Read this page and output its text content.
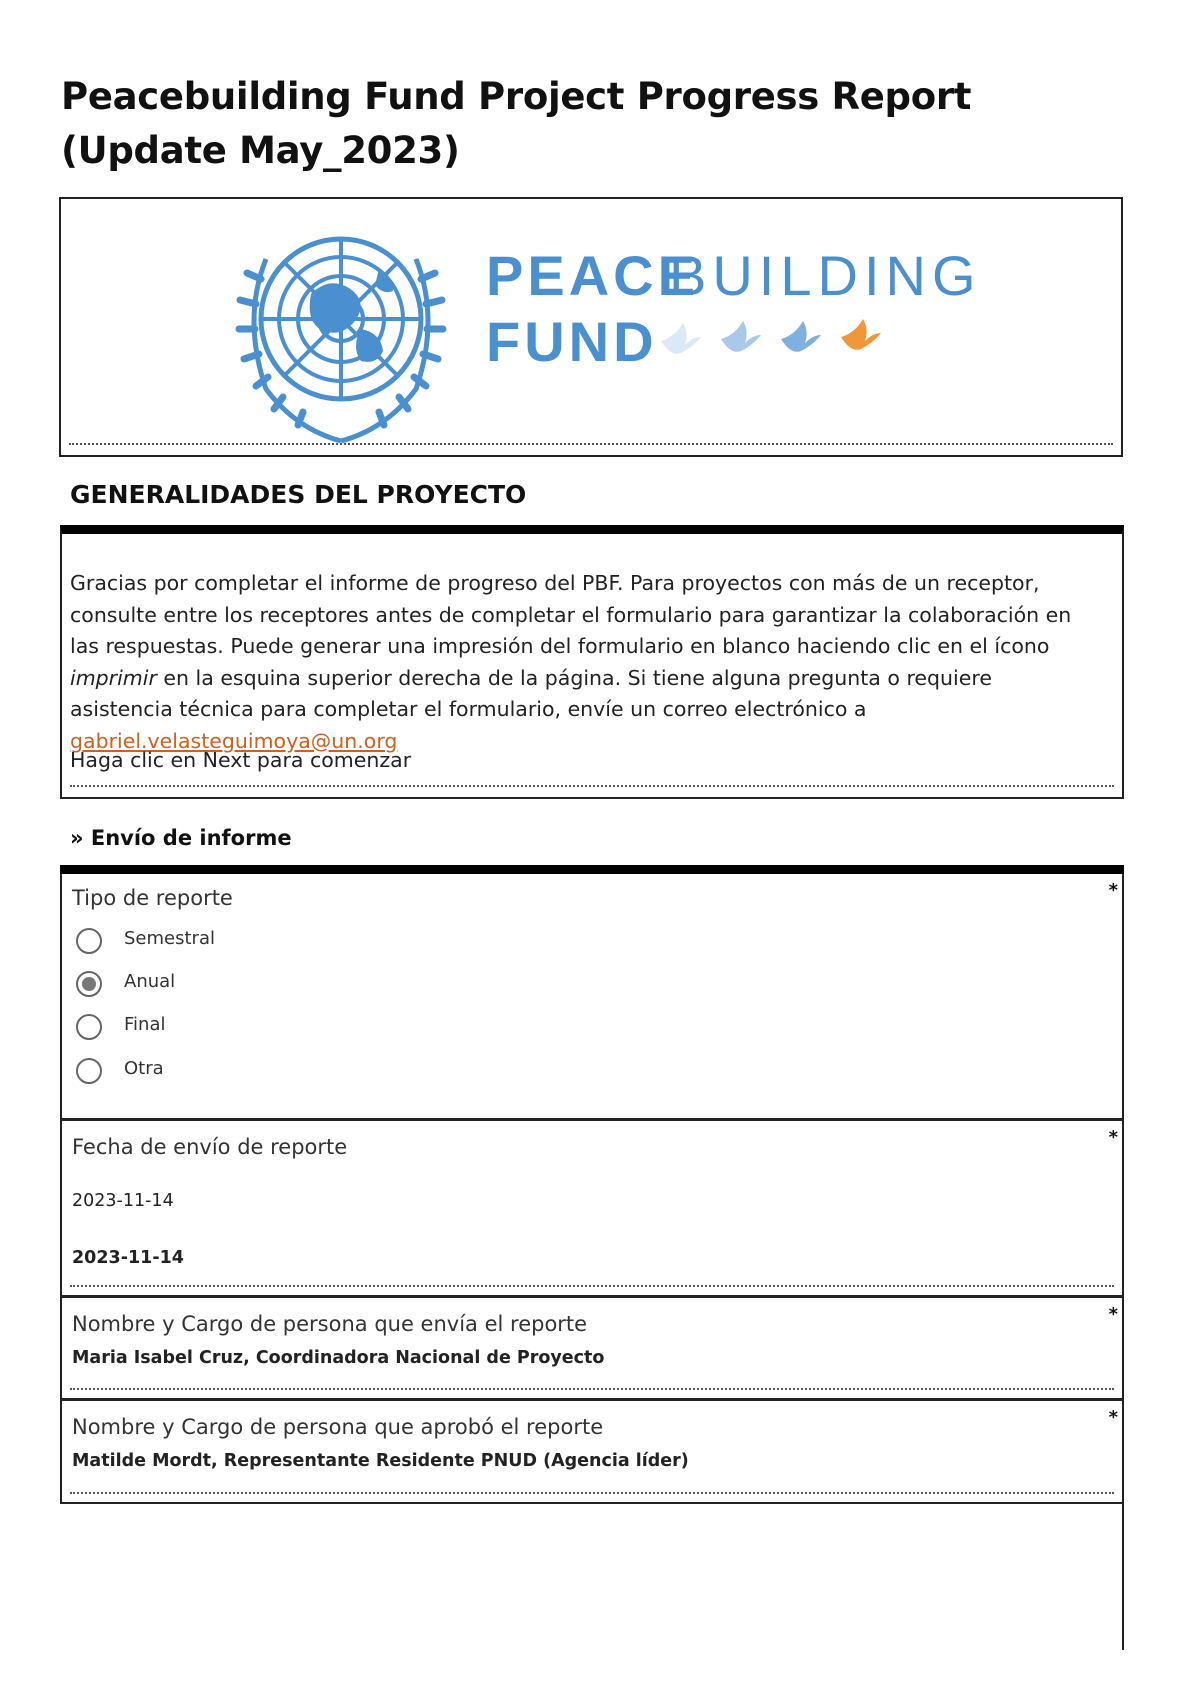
Peacebuilding Fund Project Progress Report (Update May_2023)
PEACE
BUILDING
FUND
GENERALIDADES DEL PROYECTO
Gracias por completar el informe de progreso del PBF. Para proyectos con más de un receptor, consulte entre los receptores antes de completar el formulario para garantizar la colaboración en las respuestas. Puede generar una impresión del formulario en blanco haciendo clic en el ícono imprimir en la esquina superior derecha de la página. Si tiene alguna pregunta o requiere asistencia técnica para completar el formulario, envíe un correo electrónico a gabriel.velasteguimoya@un.org
Haga clic en Next para comenzar
» Envío de informe
Tipo de reporte	*
Semestral
Anual
Final
Otra
Fecha de envío de reporte	*
2023-11-14
2023-11-14
Nombre y Cargo de persona que envía el reporte	*
Maria Isabel Cruz, Coordinadora Nacional de Proyecto
Nombre y Cargo de persona que aprobó el reporte	*
Matilde Mordt, Representante Residente PNUD (Agencia líder)
